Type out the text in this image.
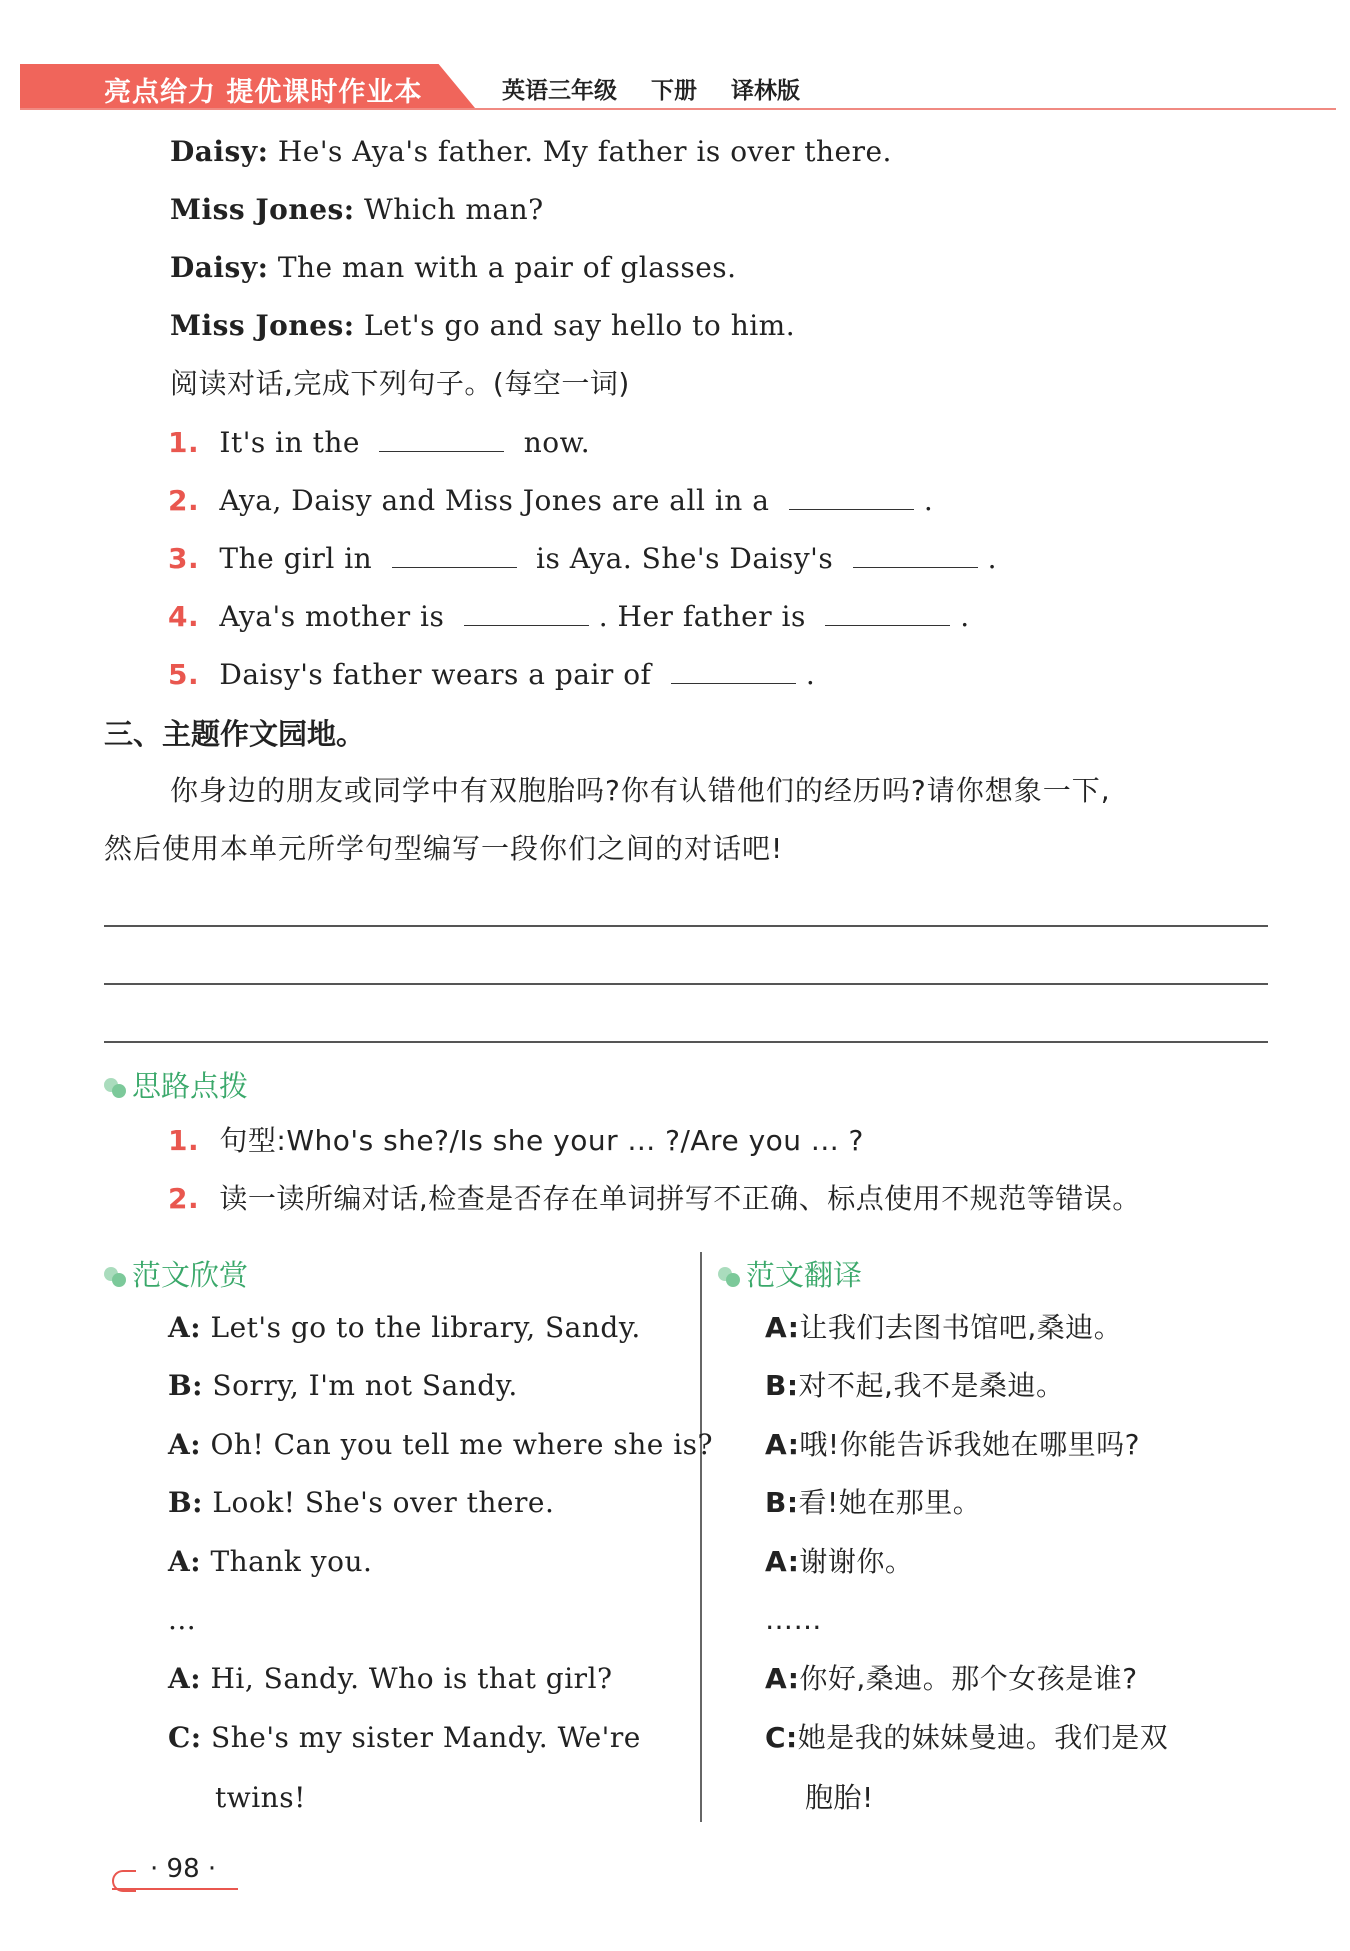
亮点给力 提优课时作业本	英语三年级 下册 译林版
Daisy: He's Aya's father. My father is over there.
Miss Jones: Which man?
Daisy: The man with a pair of glasses.
Miss Jones: Let's go and say hello to him.
阅读对话,完成下列句子。(每空一词)
1. It's in the	now.
2. Aya, Daisy and Miss Jones are all in a	.
3. The girl in	is Aya. She's Daisy's	.
4. Aya's mother is	. Her father is	.
5. Daisy's father wears a pair of	.
三、主题作文园地。
你身边的朋友或同学中有双胞胎吗?你有认错他们的经历吗?请你想象一下,
然后使用本单元所学句型编写一段你们之间的对话吧!
思路点拨
1. 句型:Who's she?/Is she your ... ?/Are you ... ?
2. 读一读所编对话,检查是否存在单词拼写不正确、标点使用不规范等错误。
范文欣赏	范文翻译
A: Let's go to the library, Sandy.
B: Sorry, I'm not Sandy.
A: Oh! Can you tell me where she is?
B: Look! She's over there.
A: Thank you.
...
A: Hi, Sandy. Who is that girl?
C: She's my sister Mandy. We're
twins!
A:让我们去图书馆吧,桑迪。
B:对不起,我不是桑迪。
A:哦!你能告诉我她在哪里吗?
B:看!她在那里。
A:谢谢你。
……
A:你好,桑迪。那个女孩是谁?
C:她是我的妹妹曼迪。我们是双
胞胎!
· 98 ·
